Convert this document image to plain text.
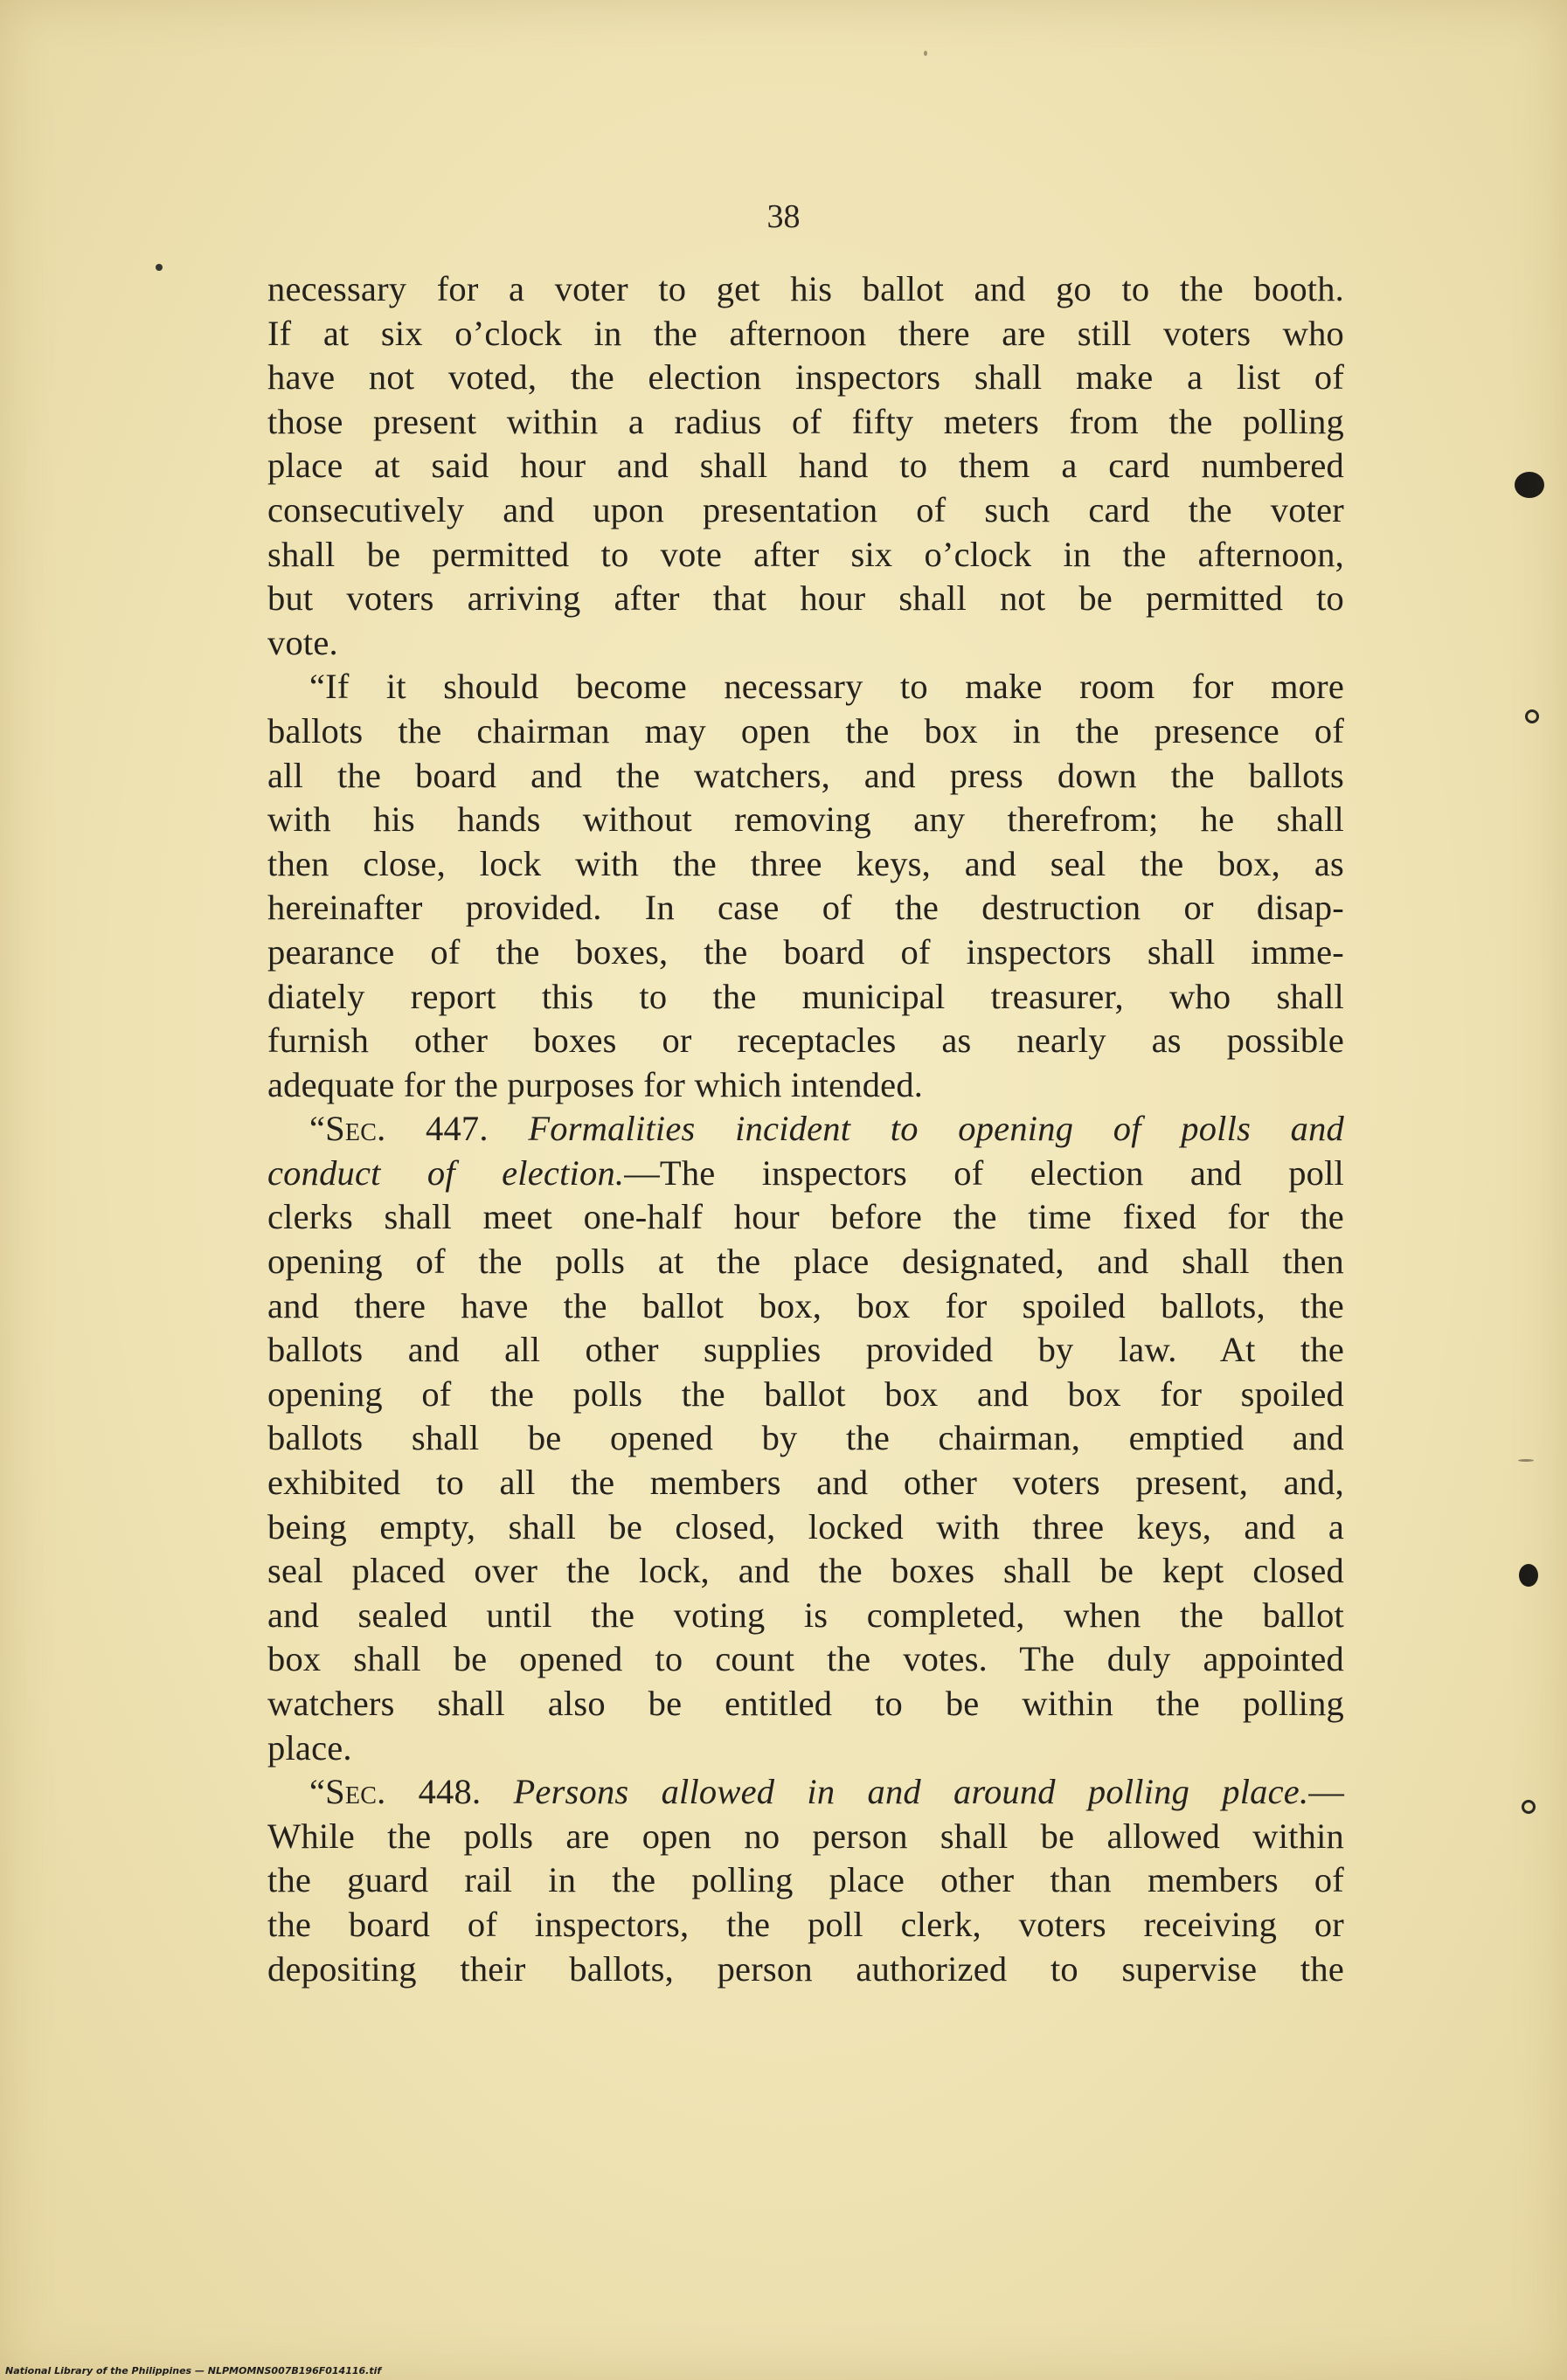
38

necessary for a voter to get his ballot and go to the booth.

If at six o’clock in the afternoon there are still voters who

have not voted, the election inspectors shall make a list of

those present within a radius of fifty meters from the polling

place at said hour and shall hand to them a card numbered

consecutively and upon presentation of such card the voter

shall be permitted to vote after six o’clock in the afternoon,

but voters arriving after that hour shall not be permitted to

vote.

“If it should become necessary to make room for more

ballots the chairman may open the box in the presence of

all the board and the watchers, and press down the ballots

with his hands without removing any therefrom; he shall

then close, lock with the three keys, and seal the box, as

hereinafter provided. In case of the destruction or disap-

pearance of the boxes, the board of inspectors shall imme-

diately report this to the municipal treasurer, who shall

furnish other boxes or receptacles as nearly as possible

adequate for the purposes for which intended.

“Sec. 447. Formalities incident to opening of polls and

conduct of election.—The inspectors of election and poll

clerks shall meet one-half hour before the time fixed for the

opening of the polls at the place designated, and shall then

and there have the ballot box, box for spoiled ballots, the

ballots and all other supplies provided by law. At the

opening of the polls the ballot box and box for spoiled

ballots shall be opened by the chairman, emptied and

exhibited to all the members and other voters present, and,

being empty, shall be closed, locked with three keys, and a

seal placed over the lock, and the boxes shall be kept closed

and sealed until the voting is completed, when the ballot

box shall be opened to count the votes. The duly appointed

watchers shall also be entitled to be within the polling

place.

“Sec. 448. Persons allowed in and around polling place.—

While the polls are open no person shall be allowed within

the guard rail in the polling place other than members of

the board of inspectors, the poll clerk, voters receiving or

depositing their ballots, person authorized to supervise the

National Library of the Philippines — NLPMOMNS007B196F014116.tif
